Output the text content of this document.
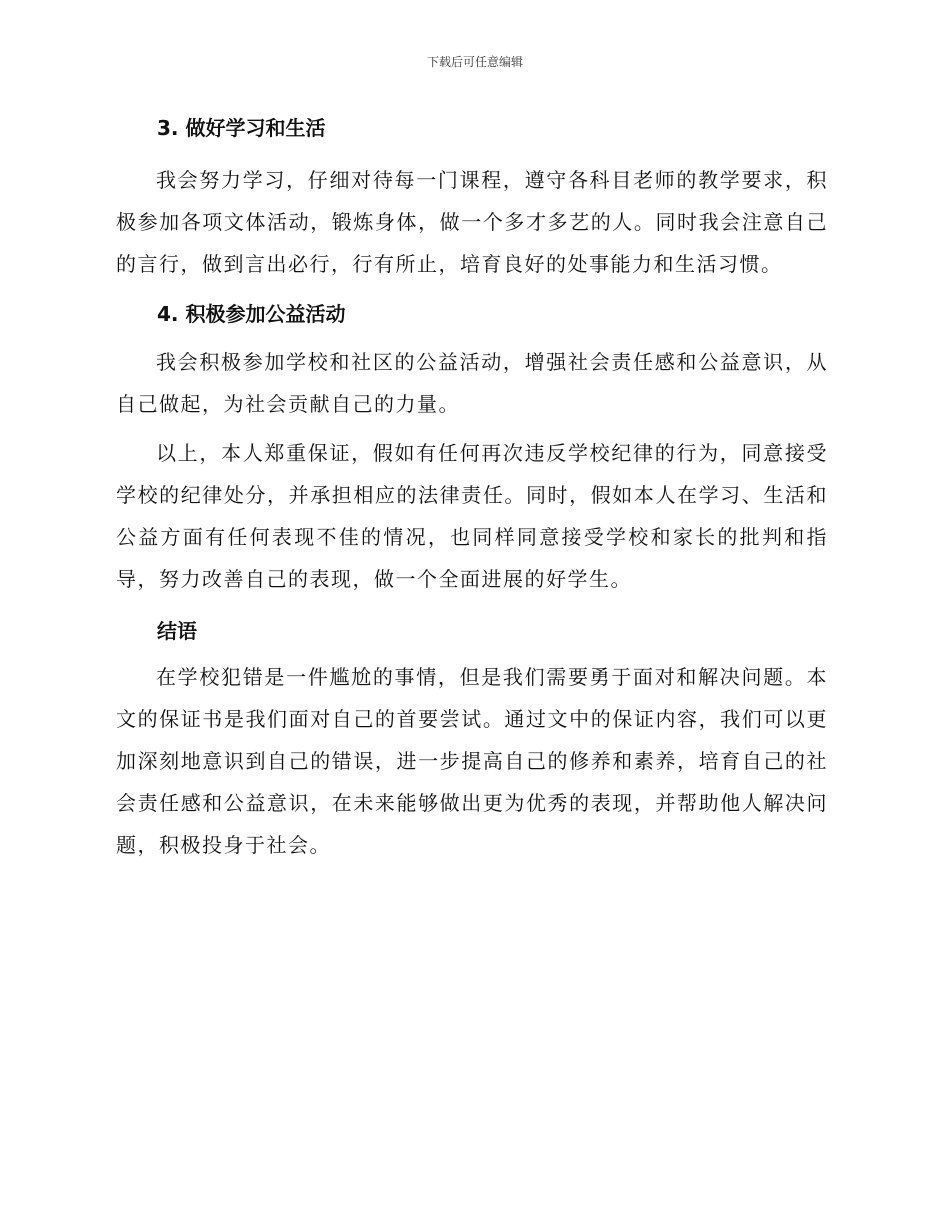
下载后可任意编辑
3. 做好学习和生活

我会努力学习，仔细对待每一门课程，遵守各科目老师的教学要求，积极参加各项文体活动，锻炼身体，做一个多才多艺的人。同时我会注意自己的言行，做到言出必行，行有所止，培育良好的处事能力和生活习惯。

4. 积极参加公益活动

我会积极参加学校和社区的公益活动，增强社会责任感和公益意识，从自己做起，为社会贡献自己的力量。

以上，本人郑重保证，假如有任何再次违反学校纪律的行为，同意接受学校的纪律处分，并承担相应的法律责任。同时，假如本人在学习、生活和公益方面有任何表现不佳的情况，也同样同意接受学校和家长的批判和指导，努力改善自己的表现，做一个全面进展的好学生。

结语

在学校犯错是一件尴尬的事情，但是我们需要勇于面对和解决问题。本文的保证书是我们面对自己的首要尝试。通过文中的保证内容，我们可以更加深刻地意识到自己的错误，进一步提高自己的修养和素养，培育自己的社会责任感和公益意识，在未来能够做出更为优秀的表现，并帮助他人解决问题，积极投身于社会。
